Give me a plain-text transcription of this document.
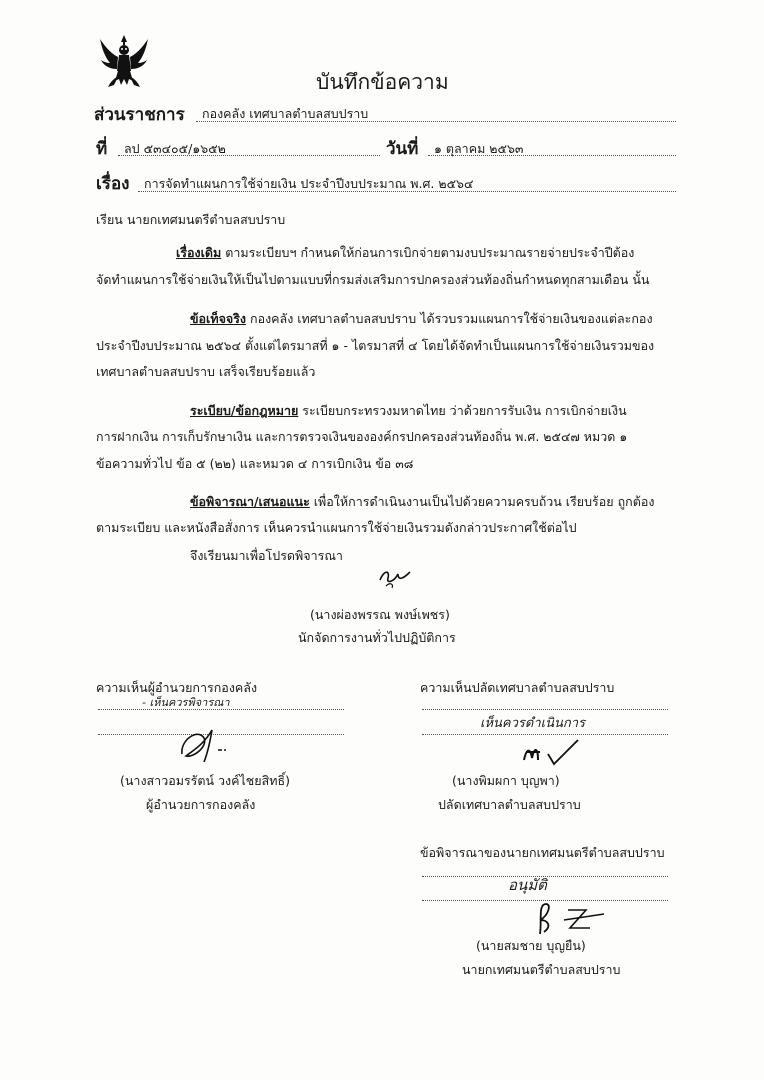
บันทึกข้อความ
ส่วนราชการ กองคลัง เทศบาลตำบลสบปราบ
ที่ ลป ๕๓๔๐๕/๑๖๕๒	วันที่ ๑ ตุลาคม ๒๕๖๓
เรื่อง การจัดทำแผนการใช้จ่ายเงิน ประจำปีงบประมาณ พ.ศ. ๒๕๖๔
เรียน นายกเทศมนตรีตำบลสบปราบ
เรื่องเดิม ตามระเบียบฯ กำหนดให้ก่อนการเบิกจ่ายตามงบประมาณรายจ่ายประจำปีต้อง
จัดทำแผนการใช้จ่ายเงินให้เป็นไปตามแบบที่กรมส่งเสริมการปกครองส่วนท้องถิ่นกำหนดทุกสามเดือน นั้น
ข้อเท็จจริง กองคลัง เทศบาลตำบลสบปราบ ได้รวบรวมแผนการใช้จ่ายเงินของแต่ละกอง
ประจำปีงบประมาณ ๒๕๖๔ ตั้งแต่ไตรมาสที่ ๑ - ไตรมาสที่ ๔ โดยได้จัดทำเป็นแผนการใช้จ่ายเงินรวมของ
เทศบาลตำบลสบปราบ เสร็จเรียบร้อยแล้ว
ระเบียบ/ข้อกฎหมาย ระเบียบกระทรวงมหาดไทย ว่าด้วยการรับเงิน การเบิกจ่ายเงิน
การฝากเงิน การเก็บรักษาเงิน และการตรวจเงินขององค์กรปกครองส่วนท้องถิ่น พ.ศ. ๒๕๔๗ หมวด ๑
ข้อความทั่วไป ข้อ ๕ (๒๒) และหมวด ๔ การเบิกเงิน ข้อ ๓๘
ข้อพิจารณา/เสนอแนะ เพื่อให้การดำเนินงานเป็นไปด้วยความครบถ้วน เรียบร้อย ถูกต้อง
ตามระเบียบ และหนังสือสั่งการ เห็นควรนำแผนการใช้จ่ายเงินรวมดังกล่าวประกาศใช้ต่อไป
จึงเรียนมาเพื่อโปรดพิจารณา
(นางผ่องพรรณ พงษ์เพชร)
นักจัดการงานทั่วไปปฏิบัติการ
ความเห็นผู้อำนวยการกองคลัง
- เห็นควรพิจารณา
(นางสาวอมรรัตน์ วงค์ไชยสิทธิ์)
ผู้อำนวยการกองคลัง
ความเห็นปลัดเทศบาลตำบลสบปราบ
เห็นควรดำเนินการ
(นางพิมผกา บุญพา)
ปลัดเทศบาลตำบลสบปราบ
ข้อพิจารณาของนายกเทศมนตรีตำบลสบปราบ
อนุมัติ
(นายสมชาย บุญยืน)
นายกเทศมนตรีตำบลสบปราบ
